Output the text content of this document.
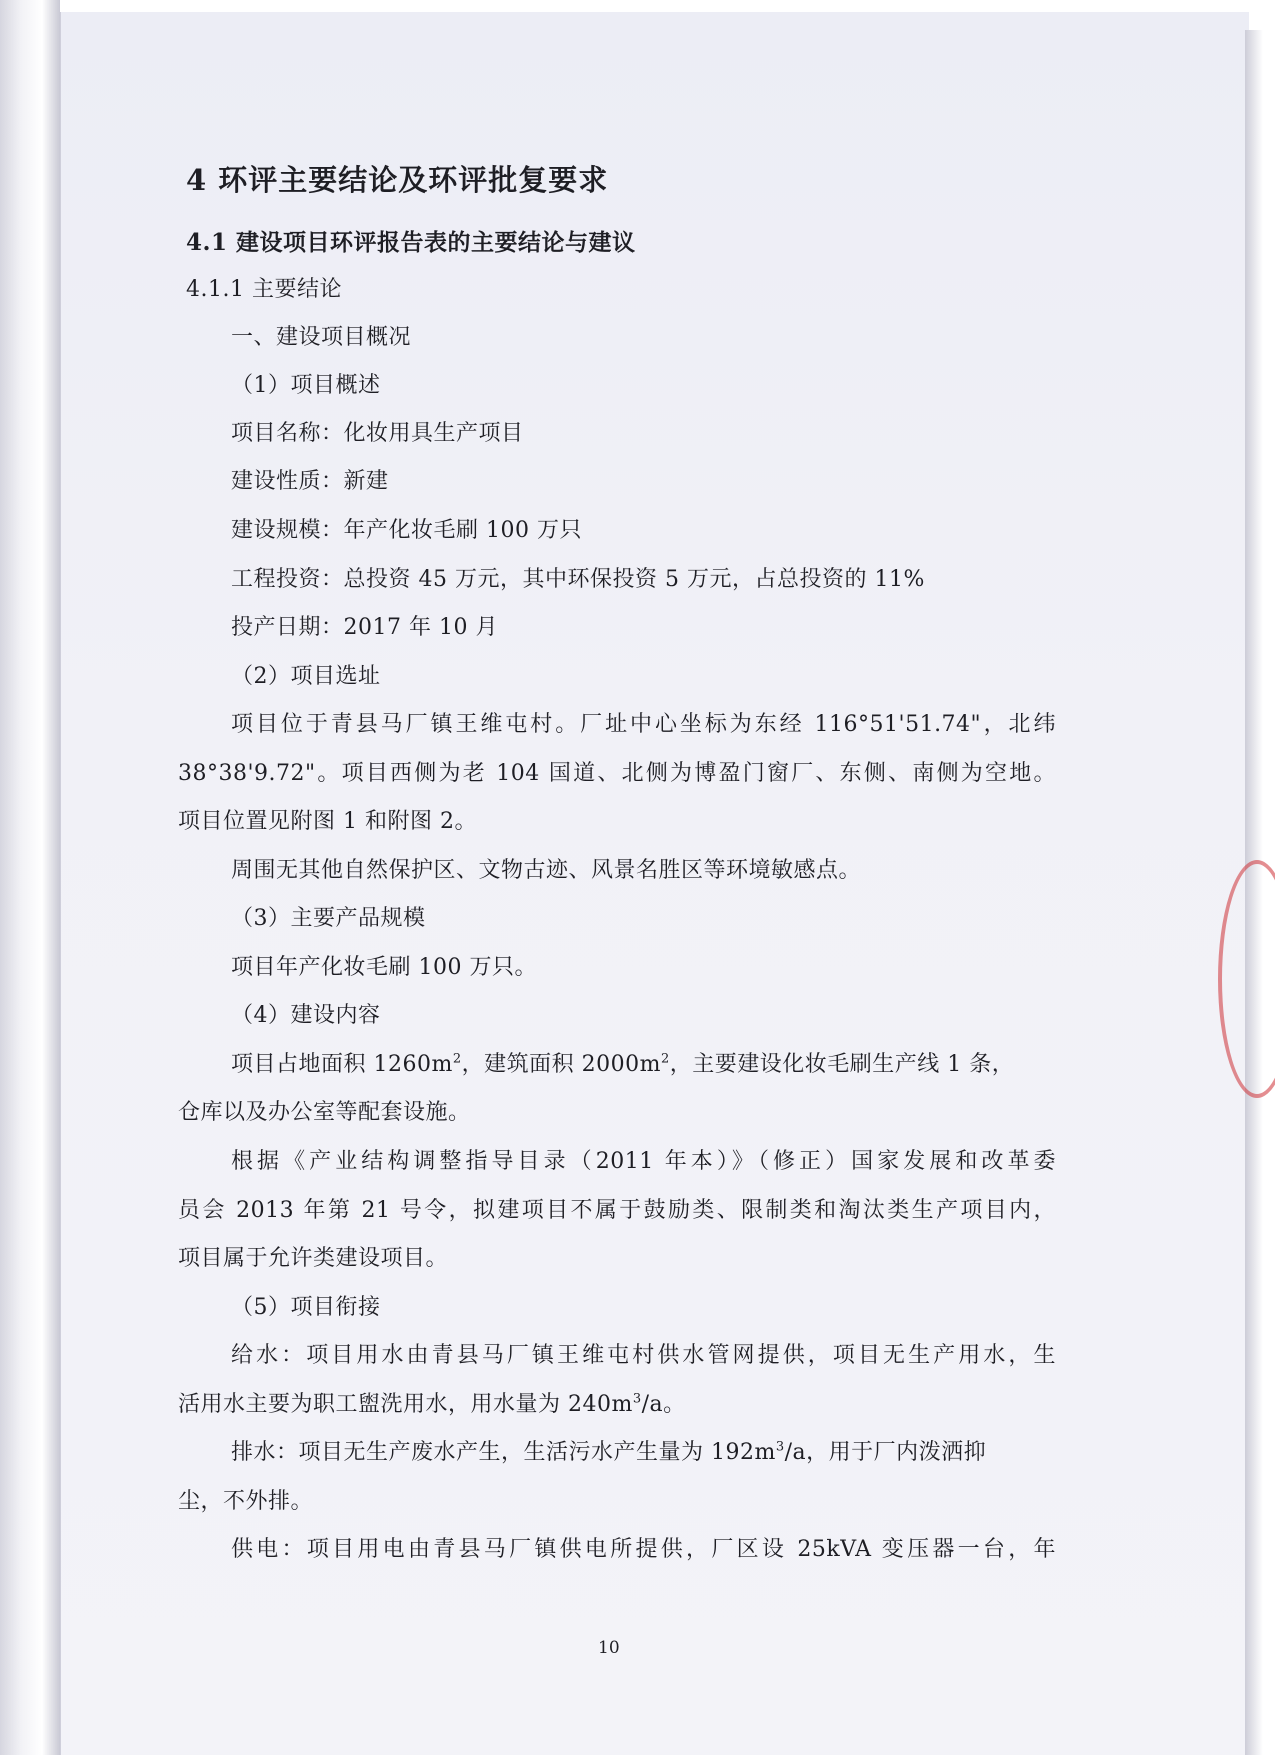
4 环评主要结论及环评批复要求
4.1 建设项目环评报告表的主要结论与建议
4.1.1 主要结论
一、建设项目概况
（1）项目概述
项目名称：化妆用具生产项目
建设性质：新建
建设规模：年产化妆毛刷 100 万只
工程投资：总投资 45 万元，其中环保投资 5 万元，占总投资的 11%
投产日期：2017 年 10 月
（2）项目选址
项目位于青县马厂镇王维屯村。厂址中心坐标为东经 116°51'51.74"，北纬
38°38'9.72"。项目西侧为老 104 国道、北侧为博盈门窗厂、东侧、南侧为空地。
项目位置见附图 1 和附图 2。
周围无其他自然保护区、文物古迹、风景名胜区等环境敏感点。
（3）主要产品规模
项目年产化妆毛刷 100 万只。
（4）建设内容
项目占地面积 $1260m^2$，建筑面积 $2000m^2$，主要建设化妆毛刷生产线 1 条，
仓库以及办公室等配套设施。
根据《产业结构调整指导目录（2011 年本）》（修正）国家发展和改革委
员会 2013 年第 21 号令，拟建项目不属于鼓励类、限制类和淘汰类生产项目内，
项目属于允许类建设项目。
（5）项目衔接
给水：项目用水由青县马厂镇王维屯村供水管网提供，项目无生产用水，生
活用水主要为职工盥洗用水，用水量为 $240m^3/a$。
排水：项目无生产废水产生，生活污水产生量为 $192m^3/a$，用于厂内泼洒抑
尘，不外排。
供电：项目用电由青县马厂镇供电所提供，厂区设 25kVA 变压器一台，年
10
